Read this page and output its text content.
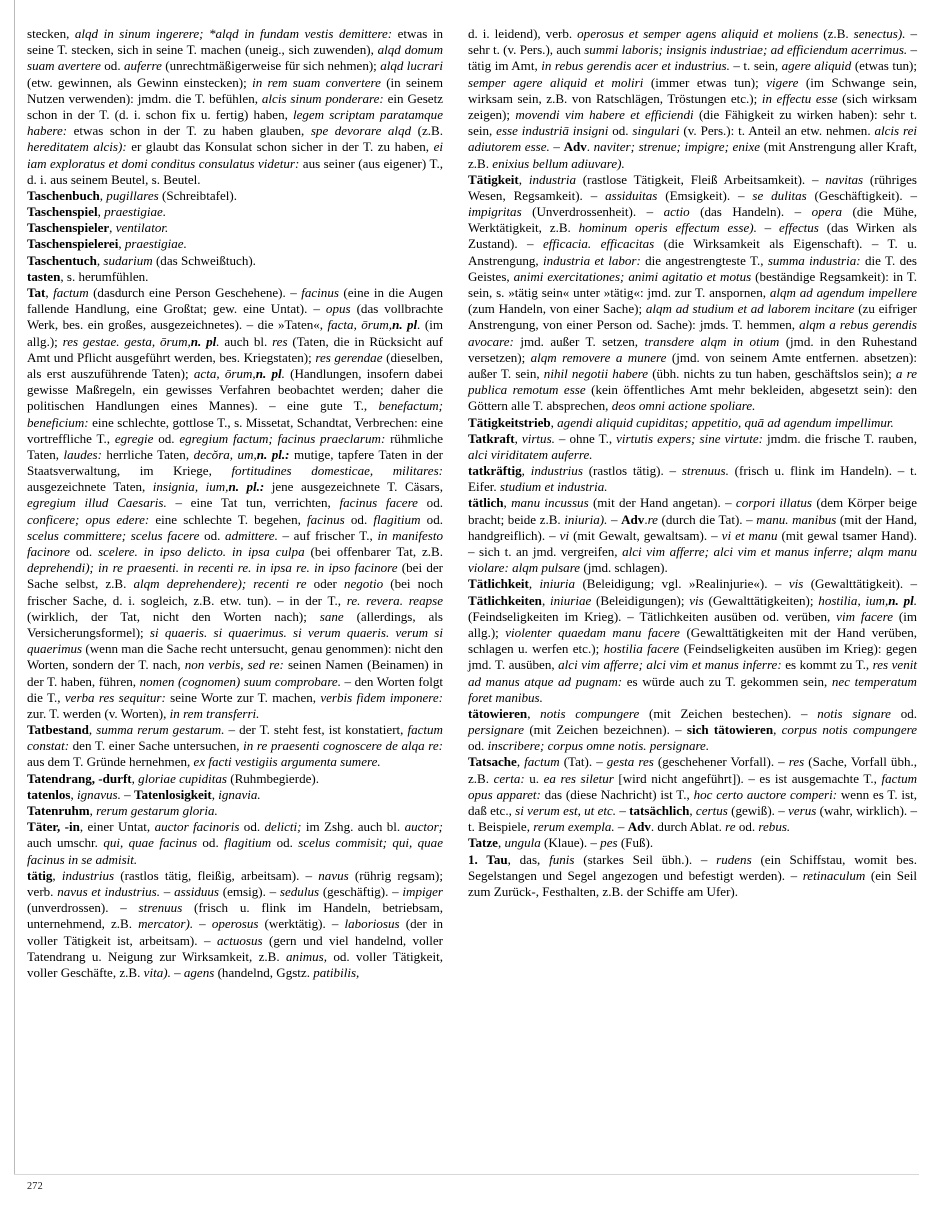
stecken, alqd in sinum ingerere; *alqd in fundam vestis demittere: etwas in seine T. stecken, sich in seine T. machen (uneig., sich zuwenden), alqd domum suam avertere od. auferre (unrechtmäßigerweise für sich nehmen); alqd lucrari (etw. gewinnen, als Gewinn einstecken); in rem suam convertere (in seinem Nutzen verwenden): jmdm. die T. befühlen, alcis sinum ponderare: ein Gesetz schon in der T. (d. i. schon fix u. fertig) haben, legem scriptam paratamque habere: etwas schon in der T. zu haben glauben, spe devorare alqd (z.B. hereditatem alcis): er glaubt das Konsulat schon sicher in der T. zu haben, ei iam exploratus et domi conditus consulatus videtur: aus seiner (aus eigener) T., d. i. aus seinem Beutel, s. Beutel.

Taschenbuch, pugillares (Schreibtafel).

Taschenspiel, praestigiae.

Taschenspieler, ventilator.

Taschenspielerei, praestigiae.

Taschentuch, sudarium (das Schweißtuch).

tasten, s. herumfühlen.

Tat, factum (dasdurch eine Person Geschehene). – facinus (eine in die Augen fallende Handlung, eine Großtat; gew. eine Untat). – opus (das vollbrachte Werk, bes. ein großes, ausgezeichnetes). – die »Taten«, facta, ōrum,n. pl. (im allg.); res gestae. gesta, ōrum,n. pl. auch bl. res (Taten, die in Rücksicht auf Amt und Pflicht ausgeführt werden, bes. Kriegstaten); res gerendae (dieselben, als erst auszuführende Taten); acta, ōrum,n. pl. (Handlungen, insofern dabei gewisse Maßregeln, ein gewisses Verfahren beobachtet werden; daher die politischen Handlungen eines Mannes). – eine gute T., benefactum; beneficium: eine schlechte, gottlose T., s. Missetat, Schandtat, Verbrechen: eine vortreffliche T., egregie od. egregium factum; facinus praeclarum: rühmliche Taten, laudes: herrliche Taten, decŏra, um,n. pl.: mutige, tapfere Taten in der Staatsverwaltung, im Kriege, fortitudines domesticae, militares: ausgezeichnete Taten, insignia, ium,n. pl.: jene ausgezeichnete T. Cäsars, egregium illud Caesaris. – eine Tat tun, verrichten, facinus facere od. conficere; opus edere: eine schlechte T. begehen, facinus od. flagitium od. scelus committere; scelus facere od. admittere. – auf frischer T., in manifesto facinore od. scelere. in ipso delicto. in ipsa culpa (bei offenbarer Tat, z.B. deprehendi); in re praesenti. in recenti re. in ipsa re. in ipso facinore (bei der Sache selbst, z.B. alqm deprehendere); recenti re oder negotio (bei noch frischer Sache, d. i. sogleich, z.B. etw. tun). – in der T., re. revera. reapse (wirklich, der Tat, nicht den Worten nach); sane (allerdings, als Versicherungsformel); si quaeris. si quaerimus. si verum quaeris. verum si quaerimus (wenn man die Sache recht untersucht, genau genommen): nicht den Worten, sondern der T. nach, non verbis, sed re: seinen Namen (Beinamen) in der T. haben, führen, nomen (cognomen) suum comprobare. – den Worten folgt die T., verba res sequitur: seine Worte zur T. machen, verbis fidem imponere: zur. T. werden (v. Worten), in rem transferri.

Tatbestand, summa rerum gestarum. – der T. steht fest, ist konstatiert, factum constat: den T. einer Sache untersuchen, in re praesenti cognoscere de alqa re: aus dem T. Gründe hernehmen, ex facti vestigiis argumenta sumere.

Tatendrang, -durft, gloriae cupiditas (Ruhmbegierde).

tatenlos, ignavus. – Tatenlosigkeit, ignavia.

Tatenruhm, rerum gestarum gloria.

Täter, -in, einer Untat, auctor facinoris od. delicti; im Zshg. auch bl. auctor; auch umschr. qui, quae facinus od. flagitium od. scelus commisit; qui, quae facinus in se admisit.

tätig, industrius (rastlos tätig, fleißig, arbeitsam). – navus (rührig regsam); verb. navus et industrius. – assiduus (emsig). – sedulus (geschäftig). – impiger (unverdrossen). – strenuus (frisch u. flink im Handeln, betriebsam, unternehmend, z.B. mercator). – operosus (werktätig). – laboriosus (der in voller Tätigkeit ist, arbeitsam). – actuosus (gern und viel handelnd, voller Tatendrang u. Neigung zur Wirksamkeit, z.B. animus, od. voller Tätigkeit, voller Geschäfte, z.B. vita). – agens (handelnd, Ggstz. patibilis,

d. i. leidend), verb. operosus et semper agens aliquid et moliens (z.B. senectus). – sehr t. (v. Pers.), auch summi laboris; insignis industriae; ad efficiendum acerrimus. – tätig im Amt, in rebus gerendis acer et industrius. – t. sein, agere aliquid (etwas tun); semper agere aliquid et moliri (immer etwas tun); vigere (im Schwange sein, wirksam sein, z.B. von Ratschlägen, Tröstungen etc.); in effectu esse (sich wirksam zeigen); movendi vim habere et efficiendi (die Fähigkeit zu wirken haben): sehr t. sein, esse industriā insigni od. singulari (v. Pers.): t. Anteil an etw. nehmen. alcis rei adiutorem esse. – Adv. naviter; strenue; impigre; enixe (mit Anstrengung aller Kraft, z.B. enixius bellum adiuvare).

Tätigkeit, industria (rastlose Tätigkeit, Fleiß Arbeitsamkeit). – navitas (rühriges Wesen, Regsamkeit). – assiduitas (Emsigkeit). – se dulitas (Geschäftigkeit). – impigritas (Unverdrossenheit). – actio (das Handeln). – opera (die Mühe, Werktätigkeit, z.B. hominum operis effectum esse). – effectus (das Wirken als Zustand). – efficacia. efficacitas (die Wirksamkeit als Eigenschaft). – T. u. Anstrengung, industria et labor: die angestrengteste T., summa industria: die T. des Geistes, animi exercitationes; animi agitatio et motus (beständige Regsamkeit): in T. sein, s. »tätig sein« unter »tätig«: jmd. zur T. anspornen, alqm ad agendum impellere (zum Handeln, von einer Sache); alqm ad studium et ad laborem incitare (zu eifriger Anstrengung, von einer Person od. Sache): jmds. T. hemmen, alqm a rebus gerendis avocare: jmd. außer T. setzen, transdere alqm in otium (jmd. in den Ruhestand versetzen); alqm removere a munere (jmd. von seinem Amte entfernen. absetzen): außer T. sein, nihil negotii habere (übh. nichts zu tun haben, geschäftslos sein); a re publica remotum esse (kein öffentliches Amt mehr bekleiden, abgesetzt sein): den Göttern alle T. absprechen, deos omni actione spoliare.

Tätigkeitstrieb, agendi aliquid cupiditas; appetitio, quā ad agendum impellimur.

Tatkraft, virtus. – ohne T., virtutis expers; sine virtute: jmdm. die frische T. rauben, alci viriditatem auferre.

tatkräftig, industrius (rastlos tätig). – strenuus. (frisch u. flink im Handeln). – t. Eifer. studium et industria.

tätlich, manu incussus (mit der Hand angetan). – corpori illatus (dem Körper beige bracht; beide z.B. iniuria). – Adv.re (durch die Tat). – manu. manibus (mit der Hand, handgreiflich). – vi (mit Gewalt, gewaltsam). – vi et manu (mit gewal tsamer Hand). – sich t. an jmd. vergreifen, alci vim afferre; alci vim et manus inferre; alqm manu violare: alqm pulsare (jmd. schlagen).

Tätlichkeit, iniuria (Beleidigung; vgl. »Realinjurie«). – vis (Gewalttätigkeit). – Tätlichkeiten, iniuriae (Beleidigungen); vis (Gewalttätigkeiten); hostilia, ium,n. pl. (Feindseligkeiten im Krieg). – Tätlichkeiten ausüben od. verüben, vim facere (im allg.); violenter quaedam manu facere (Gewalttätigkeiten mit der Hand verüben, schlagen u. werfen etc.); hostilia facere (Feindseligkeiten ausüben im Krieg): gegen jmd. T. ausüben, alci vim afferre; alci vim et manus inferre: es kommt zu T., res venit ad manus atque ad pugnam: es würde auch zu T. gekommen sein, nec temperatum foret manibus.

tätowieren, notis compungere (mit Zeichen bestechen). – notis signare od. persignare (mit Zeichen bezeichnen). – sich tätowieren, corpus notis compungere od. inscribere; corpus omne notis. persignare.

Tatsache, factum (Tat). – gesta res (geschehener Vorfall). – res (Sache, Vorfall übh., z.B. certa: u. ea res siletur [wird nicht angeführt]). – es ist ausgemachte T., factum opus apparet: das (diese Nachricht) ist T., hoc certo auctore comperi: wenn es T. ist, daß etc., si verum est, ut etc. – tatsächlich, certus (gewiß). – verus (wahr, wirklich). – t. Beispiele, rerum exempla. – Adv. durch Ablat. re od. rebus.

Tatze, ungula (Klaue). – pes (Fuß).

1. Tau, das, funis (starkes Seil übh.). – rudens (ein Schiffstau, womit bes. Segelstangen und Segel angezogen und befestigt werden). – retinaculum (ein Seil zum Zurück-, Festhalten, z.B. der Schiffe am Ufer).

272
